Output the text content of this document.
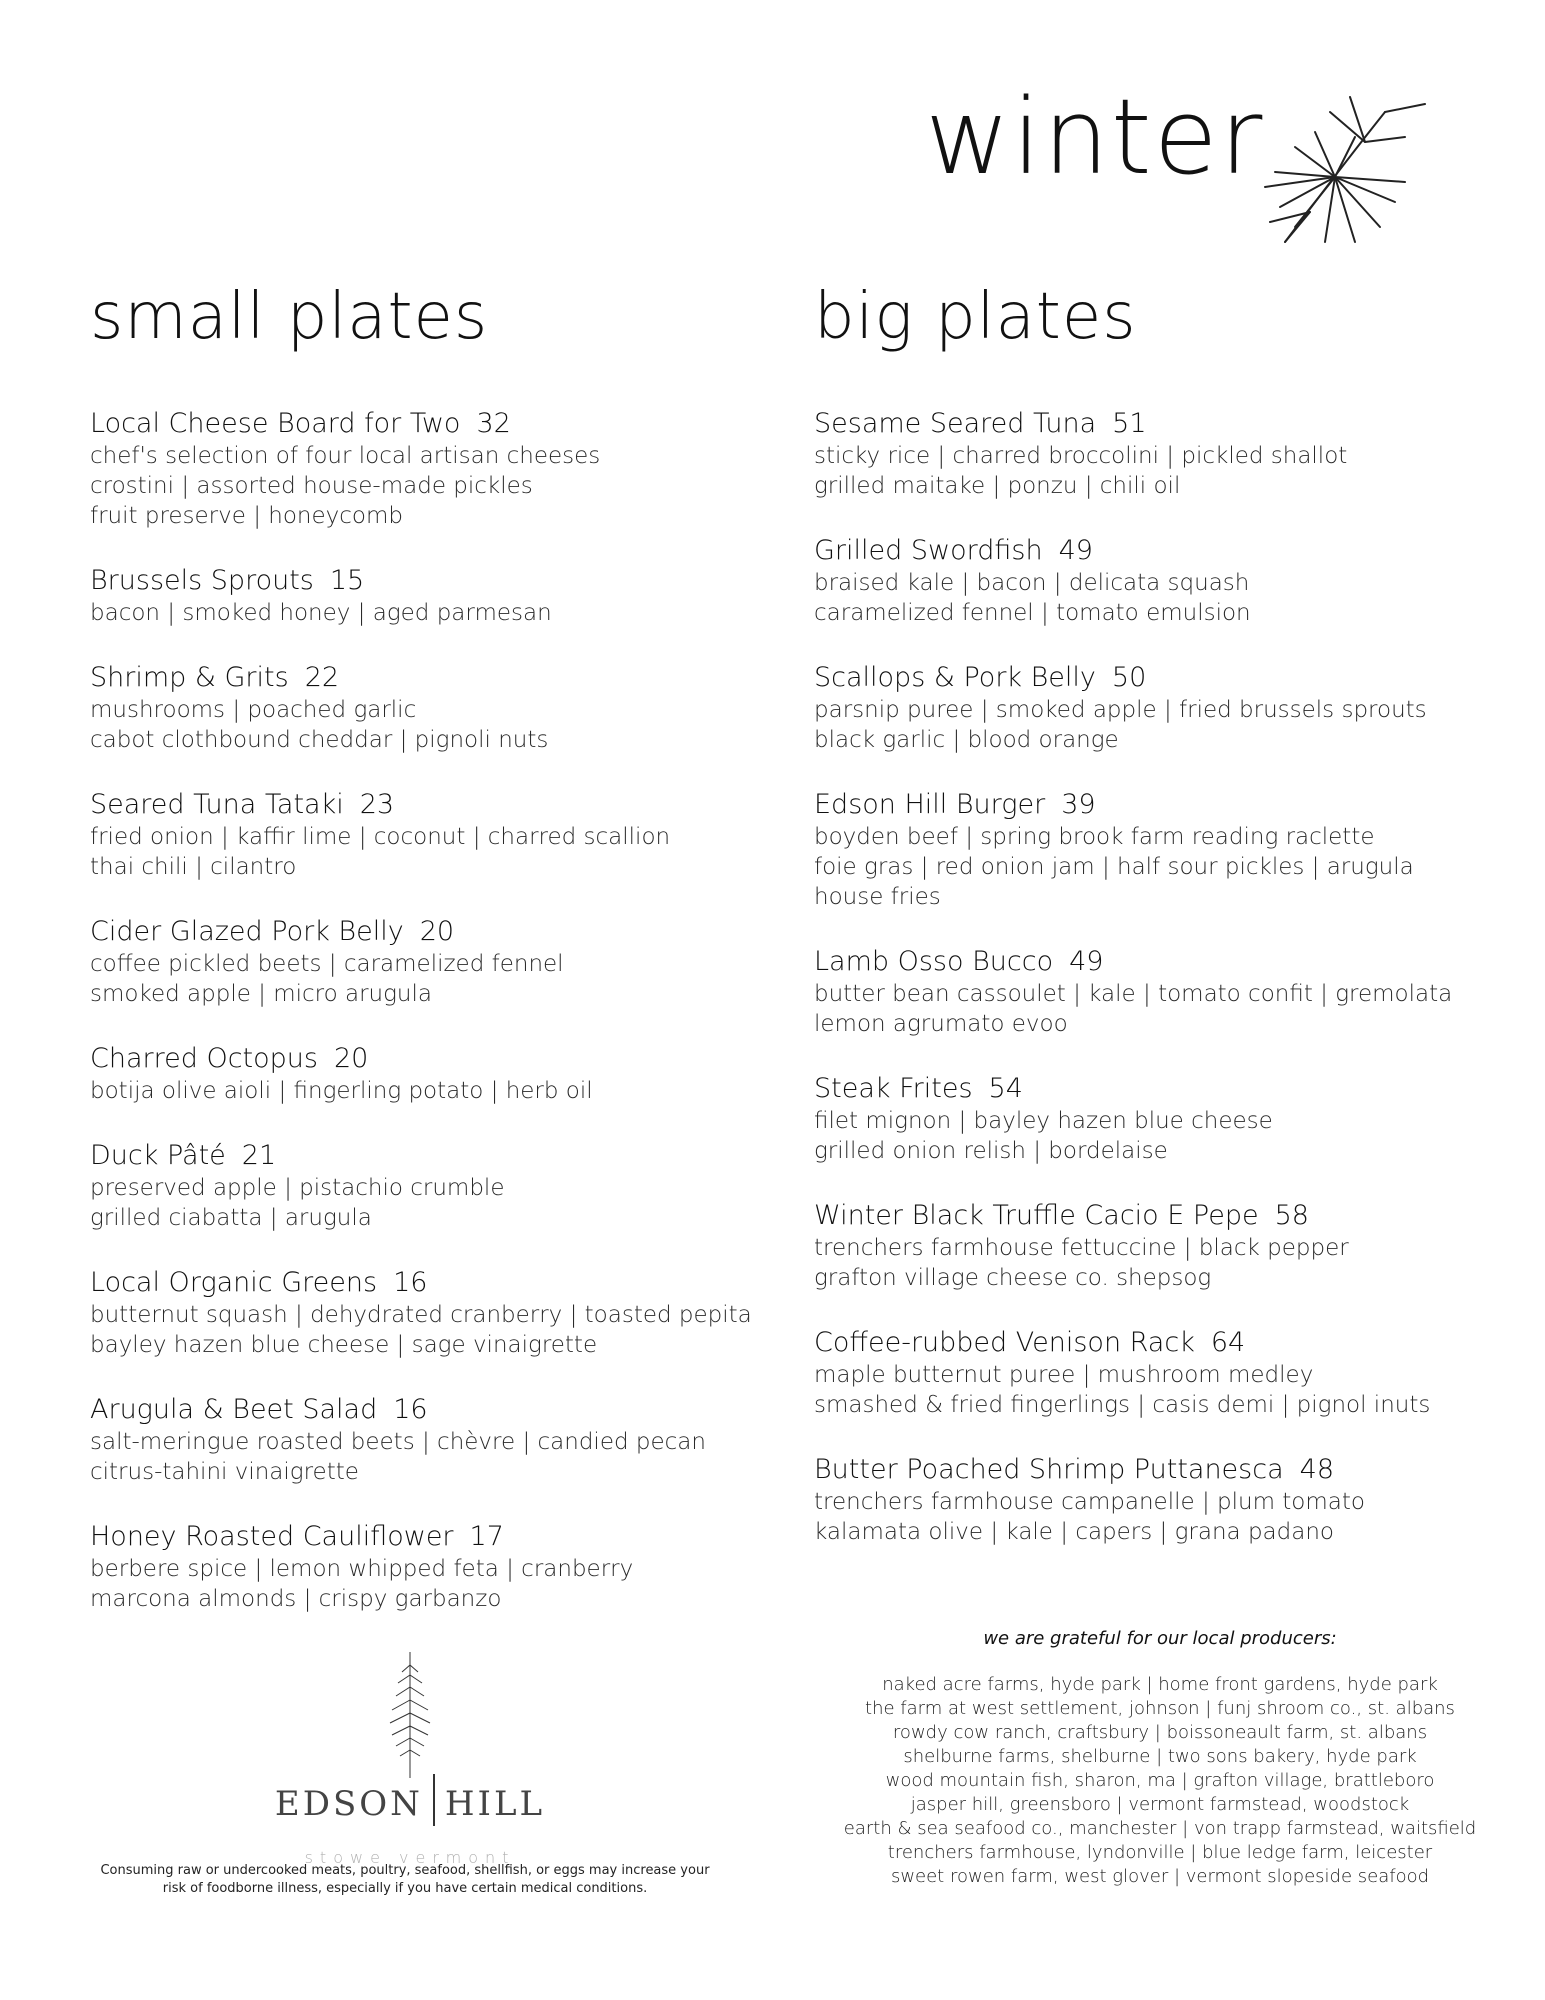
winter
small plates
Local Cheese Board for Two 32
chef's selection of four local artisan cheeses
crostini | assorted house-made pickles
fruit preserve | honeycomb
Brussels Sprouts 15
bacon | smoked honey | aged parmesan
Shrimp & Grits 22
mushrooms | poached garlic
cabot clothbound cheddar | pignoli nuts
Seared Tuna Tataki 23
fried onion | kaffir lime | coconut | charred scallion
thai chili | cilantro
Cider Glazed Pork Belly 20
coffee pickled beets | caramelized fennel
smoked apple | micro arugula
Charred Octopus 20
botija olive aioli | fingerling potato | herb oil
Duck Pâté 21
preserved apple | pistachio crumble
grilled ciabatta | arugula
Local Organic Greens 16
butternut squash | dehydrated cranberry | toasted pepita
bayley hazen blue cheese | sage vinaigrette
Arugula & Beet Salad 16
salt-meringue roasted beets | chèvre | candied pecan
citrus-tahini vinaigrette
Honey Roasted Cauliflower 17
berbere spice | lemon whipped feta | cranberry
marcona almonds | crispy garbanzo
big plates
Sesame Seared Tuna 51
sticky rice | charred broccolini | pickled shallot
grilled maitake | ponzu | chili oil
Grilled Swordfish 49
braised kale | bacon | delicata squash
caramelized fennel | tomato emulsion
Scallops & Pork Belly 50
parsnip puree | smoked apple | fried brussels sprouts
black garlic | blood orange
Edson Hill Burger 39
boyden beef | spring brook farm reading raclette
foie gras | red onion jam | half sour pickles | arugula
house fries
Lamb Osso Bucco 49
butter bean cassoulet | kale | tomato confit | gremolata
lemon agrumato evoo
Steak Frites 54
filet mignon | bayley hazen blue cheese
grilled onion relish | bordelaise
Winter Black Truffle Cacio E Pepe 58
trenchers farmhouse fettuccine | black pepper
grafton village cheese co. shepsog
Coffee-rubbed Venison Rack 64
maple butternut puree | mushroom medley
smashed & fried fingerlings | casis demi | pignol inuts
Butter Poached Shrimp Puttanesca 48
trenchers farmhouse campanelle | plum tomato
kalamata olive | kale | capers | grana padano
EDSON HILL
stowe vermont
Consuming raw or undercooked meats, poultry, seafood, shellfish, or eggs may increase your
risk of foodborne illness, especially if you have certain medical conditions.
we are grateful for our local producers:
naked acre farms, hyde park | home front gardens, hyde park
the farm at west settlement, johnson | funj shroom co., st. albans
rowdy cow ranch, craftsbury | boissoneault farm, st. albans
shelburne farms, shelburne | two sons bakery, hyde park
wood mountain fish, sharon, ma | grafton village, brattleboro
jasper hill, greensboro | vermont farmstead, woodstock
earth & sea seafood co., manchester | von trapp farmstead, waitsfield
trenchers farmhouse, lyndonville | blue ledge farm, leicester
sweet rowen farm, west glover | vermont slopeside seafood
